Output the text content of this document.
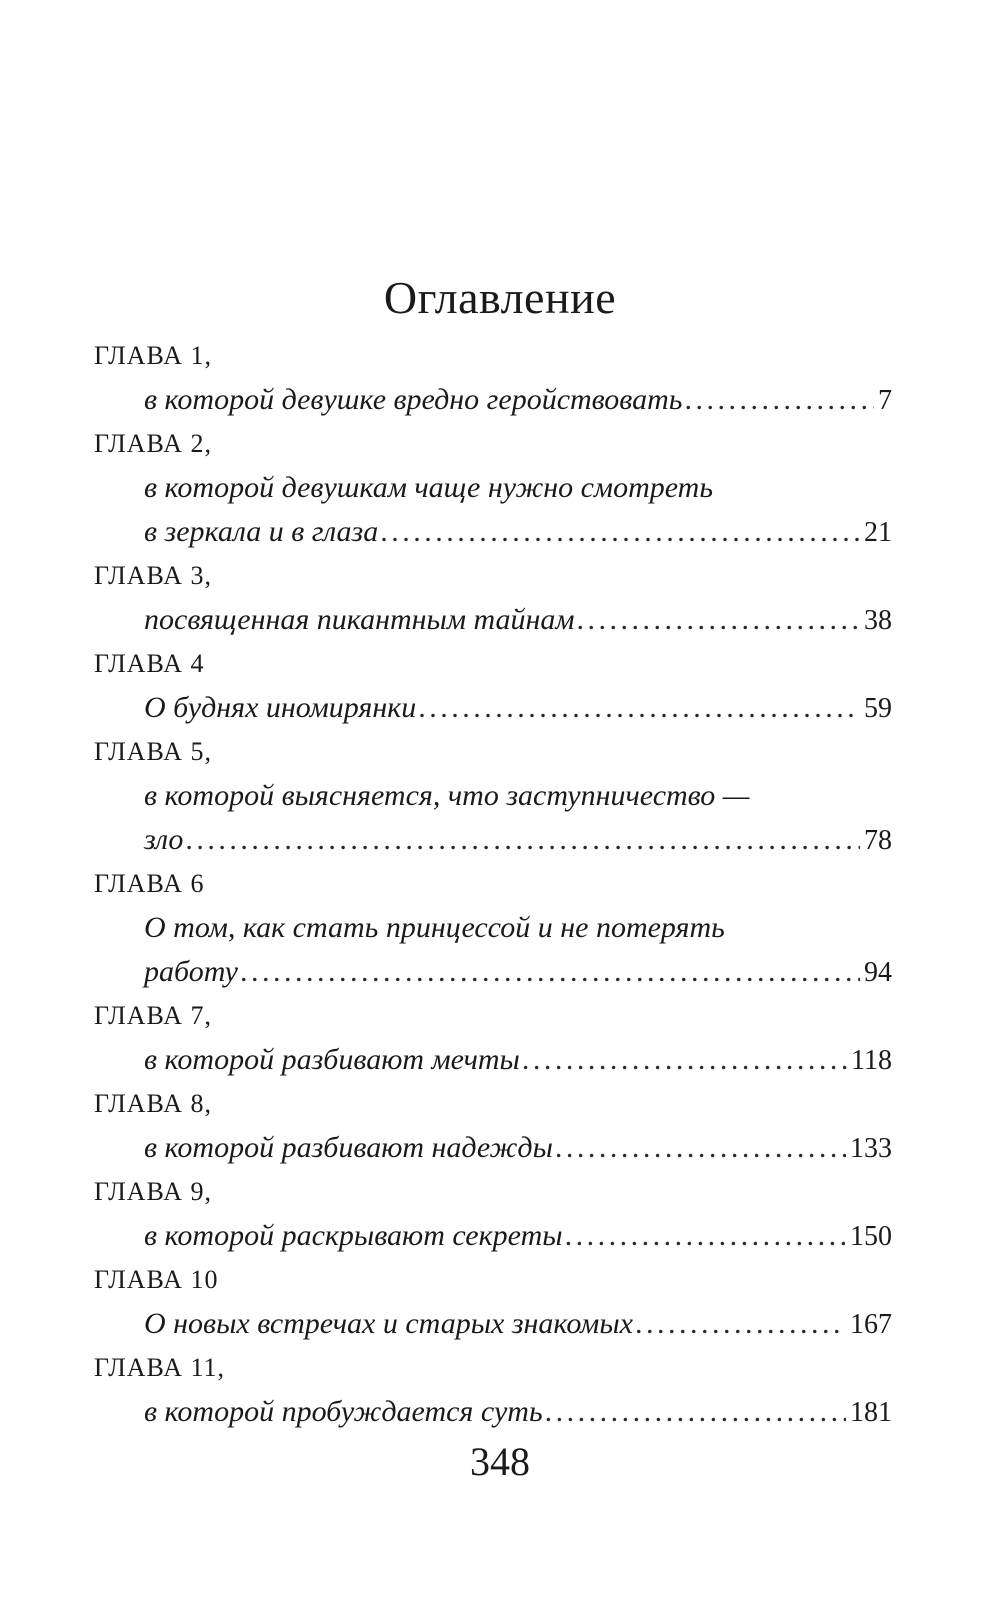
Оглавление
ГЛАВА 1,
в которой девушке вредно геройствовать . . .	7
ГЛАВА 2,
в которой девушкам чаще нужно смотреть
в зеркала и в глаза . . .	21
ГЛАВА 3,
посвященная пикантным тайнам . . .	38
ГЛАВА 4
О буднях иномирянки . . .	59
ГЛАВА 5,
в которой выясняется, что заступничество —
зло . . .	78
ГЛАВА 6
О том, как стать принцессой и не потерять
работу . . .	94
ГЛАВА 7,
в которой разбивают мечты . . .	118
ГЛАВА 8,
в которой разбивают надежды . . .	133
ГЛАВА 9,
в которой раскрывают секреты . . .	150
ГЛАВА 10
О новых встречах и старых знакомых . . .	167
ГЛАВА 11,
в которой пробуждается суть . . .	181
348
